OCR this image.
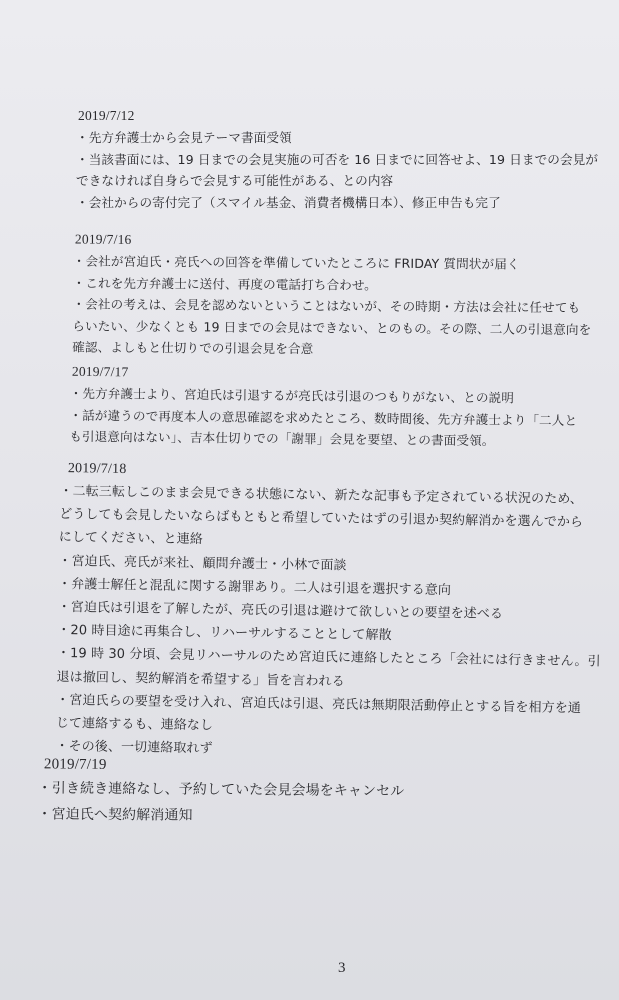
2019/7/12
・先方弁護士から会見テーマ書面受領
・当該書面には、19 日までの会見実施の可否を 16 日までに回答せよ、19 日までの会見が
できなければ自身らで会見する可能性がある、との内容
・会社からの寄付完了（スマイル基金、消費者機構日本）、修正申告も完了
2019/7/16
・会社が宮迫氏・亮氏への回答を準備していたところに FRIDAY 質問状が届く
・これを先方弁護士に送付、再度の電話打ち合わせ。
・会社の考えは、会見を認めないということはないが、その時期・方法は会社に任せても
らいたい、少なくとも 19 日までの会見はできない、とのもの。その際、二人の引退意向を
確認、よしもと仕切りでの引退会見を合意
2019/7/17
・先方弁護士より、宮迫氏は引退するが亮氏は引退のつもりがない、との説明
・話が違うので再度本人の意思確認を求めたところ、数時間後、先方弁護士より「二人と
も引退意向はない」、吉本仕切りでの「謝罪」会見を要望、との書面受領。
2019/7/18
・二転三転しこのまま会見できる状態にない、新たな記事も予定されている状況のため、
どうしても会見したいならばもともと希望していたはずの引退か契約解消かを選んでから
にしてください、と連絡
・宮迫氏、亮氏が来社、顧問弁護士・小林で面談
・弁護士解任と混乱に関する謝罪あり。二人は引退を選択する意向
・宮迫氏は引退を了解したが、亮氏の引退は避けて欲しいとの要望を述べる
・20 時目途に再集合し、リハーサルすることとして解散
・19 時 30 分頃、会見リハーサルのため宮迫氏に連絡したところ「会社には行きません。引
退は撤回し、契約解消を希望する」旨を言われる
・宮迫氏らの要望を受け入れ、宮迫氏は引退、亮氏は無期限活動停止とする旨を相方を通
じて連絡するも、連絡なし
・その後、一切連絡取れず
2019/7/19
・引き続き連絡なし、予約していた会見会場をキャンセル
・宮迫氏へ契約解消通知
3
